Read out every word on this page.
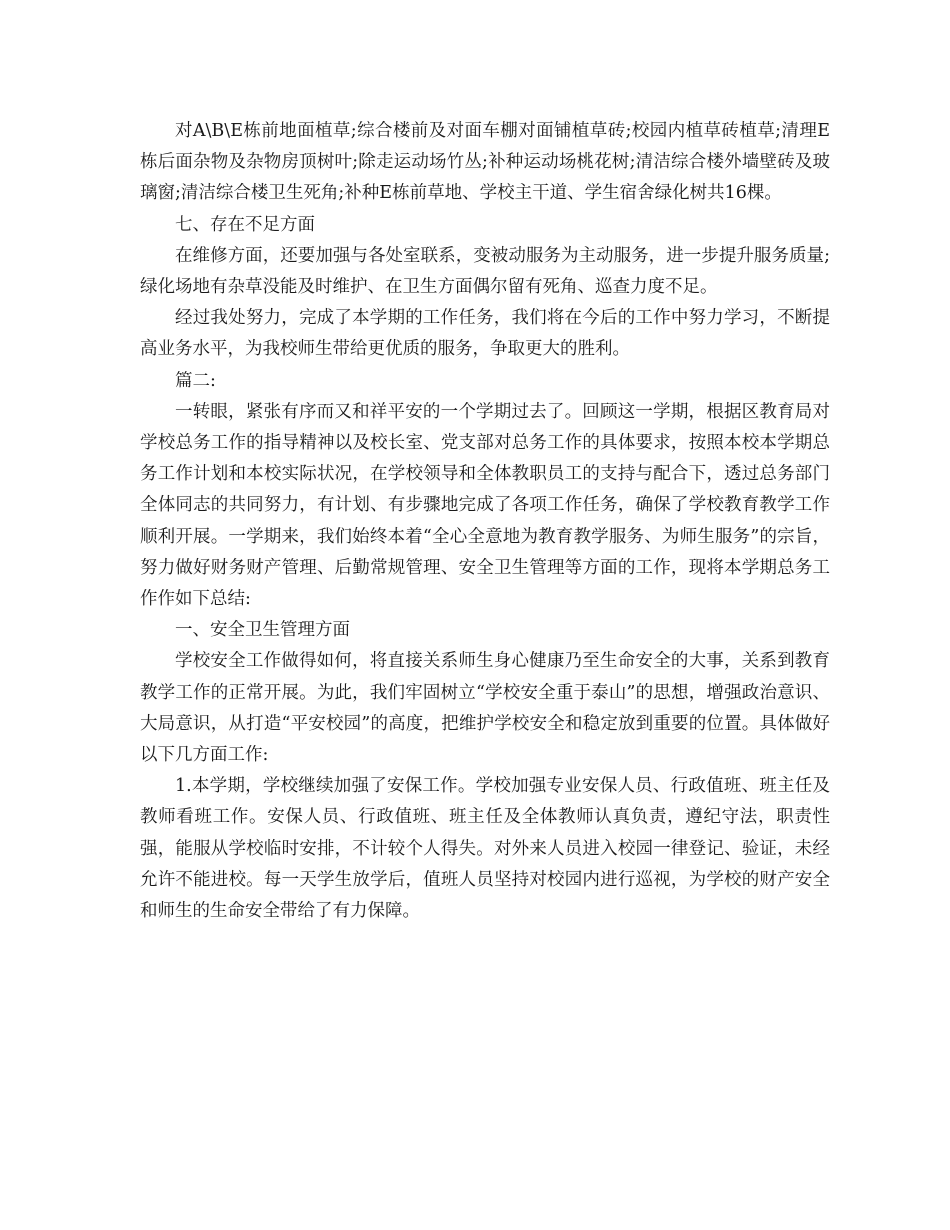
对A\B\E栋前地面植草;综合楼前及对面车棚对面铺植草砖;校园内植草砖植草;清理E栋后面杂物及杂物房顶树叶;除走运动场竹丛;补种运动场桃花树;清洁综合楼外墙壁砖及玻璃窗;清洁综合楼卫生死角;补种E栋前草地、学校主干道、学生宿舍绿化树共16棵。

七、存在不足方面

在维修方面，还要加强与各处室联系，变被动服务为主动服务，进一步提升服务质量;绿化场地有杂草没能及时维护、在卫生方面偶尔留有死角、巡查力度不足。

经过我处努力，完成了本学期的工作任务，我们将在今后的工作中努力学习，不断提高业务水平，为我校师生带给更优质的服务，争取更大的胜利。

篇二:

一转眼，紧张有序而又和祥平安的一个学期过去了。回顾这一学期，根据区教育局对学校总务工作的指导精神以及校长室、党支部对总务工作的具体要求，按照本校本学期总务工作计划和本校实际状况，在学校领导和全体教职员工的支持与配合下，透过总务部门全体同志的共同努力，有计划、有步骤地完成了各项工作任务，确保了学校教育教学工作顺利开展。一学期来，我们始终本着“全心全意地为教育教学服务、为师生服务”的宗旨，努力做好财务财产管理、后勤常规管理、安全卫生管理等方面的工作，现将本学期总务工作作如下总结:

一、安全卫生管理方面

学校安全工作做得如何，将直接关系师生身心健康乃至生命安全的大事，关系到教育教学工作的正常开展。为此，我们牢固树立“学校安全重于泰山”的思想，增强政治意识、大局意识，从打造“平安校园”的高度，把维护学校安全和稳定放到重要的位置。具体做好以下几方面工作:

1.本学期，学校继续加强了安保工作。学校加强专业安保人员、行政值班、班主任及教师看班工作。安保人员、行政值班、班主任及全体教师认真负责，遵纪守法，职责性强，能服从学校临时安排，不计较个人得失。对外来人员进入校园一律登记、验证，未经允许不能进校。每一天学生放学后，值班人员坚持对校园内进行巡视，为学校的财产安全和师生的生命安全带给了有力保障。
